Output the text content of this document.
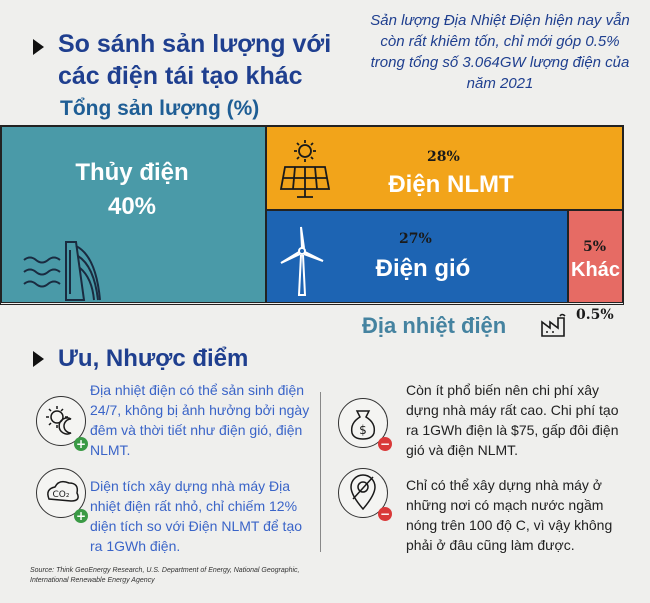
So sánh sản lượng với các điện tái tạo khác
Sản lượng Địa Nhiệt Điện hiện nay vẫn còn rất khiêm tốn, chỉ mới góp 0.5% trong tổng số 3.064GW lượng điện của năm 2021
Tổng sản lượng (%)
Thủy điện
40%
28%
Điện NLMT
27%
Điện gió
5%
Khác
Địa nhiệt điện	0.5%
Ưu, Nhược điểm
+
Địa nhiệt điện có thể sản sinh điện 24/7, không bị ảnh hưởng bởi ngày đêm và thời tiết như điện gió, điện NLMT.
CO₂
+
Diện tích xây dựng nhà máy Địa nhiệt điện rất nhỏ, chỉ chiếm 12% diện tích so với Điện NLMT để tạo ra 1GWh điện.
$
−
Còn ít phổ biến nên chi phí xây dựng nhà máy rất cao. Chi phí tạo ra 1GWh điện là $75, gấp đôi điện gió và điện NLMT.
−
Chỉ có thể xây dựng nhà máy ở những nơi có mạch nước ngầm nóng trên 100 độ C, vì vậy không phải ở đâu cũng làm được.
Source: Think GeoEnergy Research, U.S. Department of Energy, National Geographic, International Renewable Energy Agency
